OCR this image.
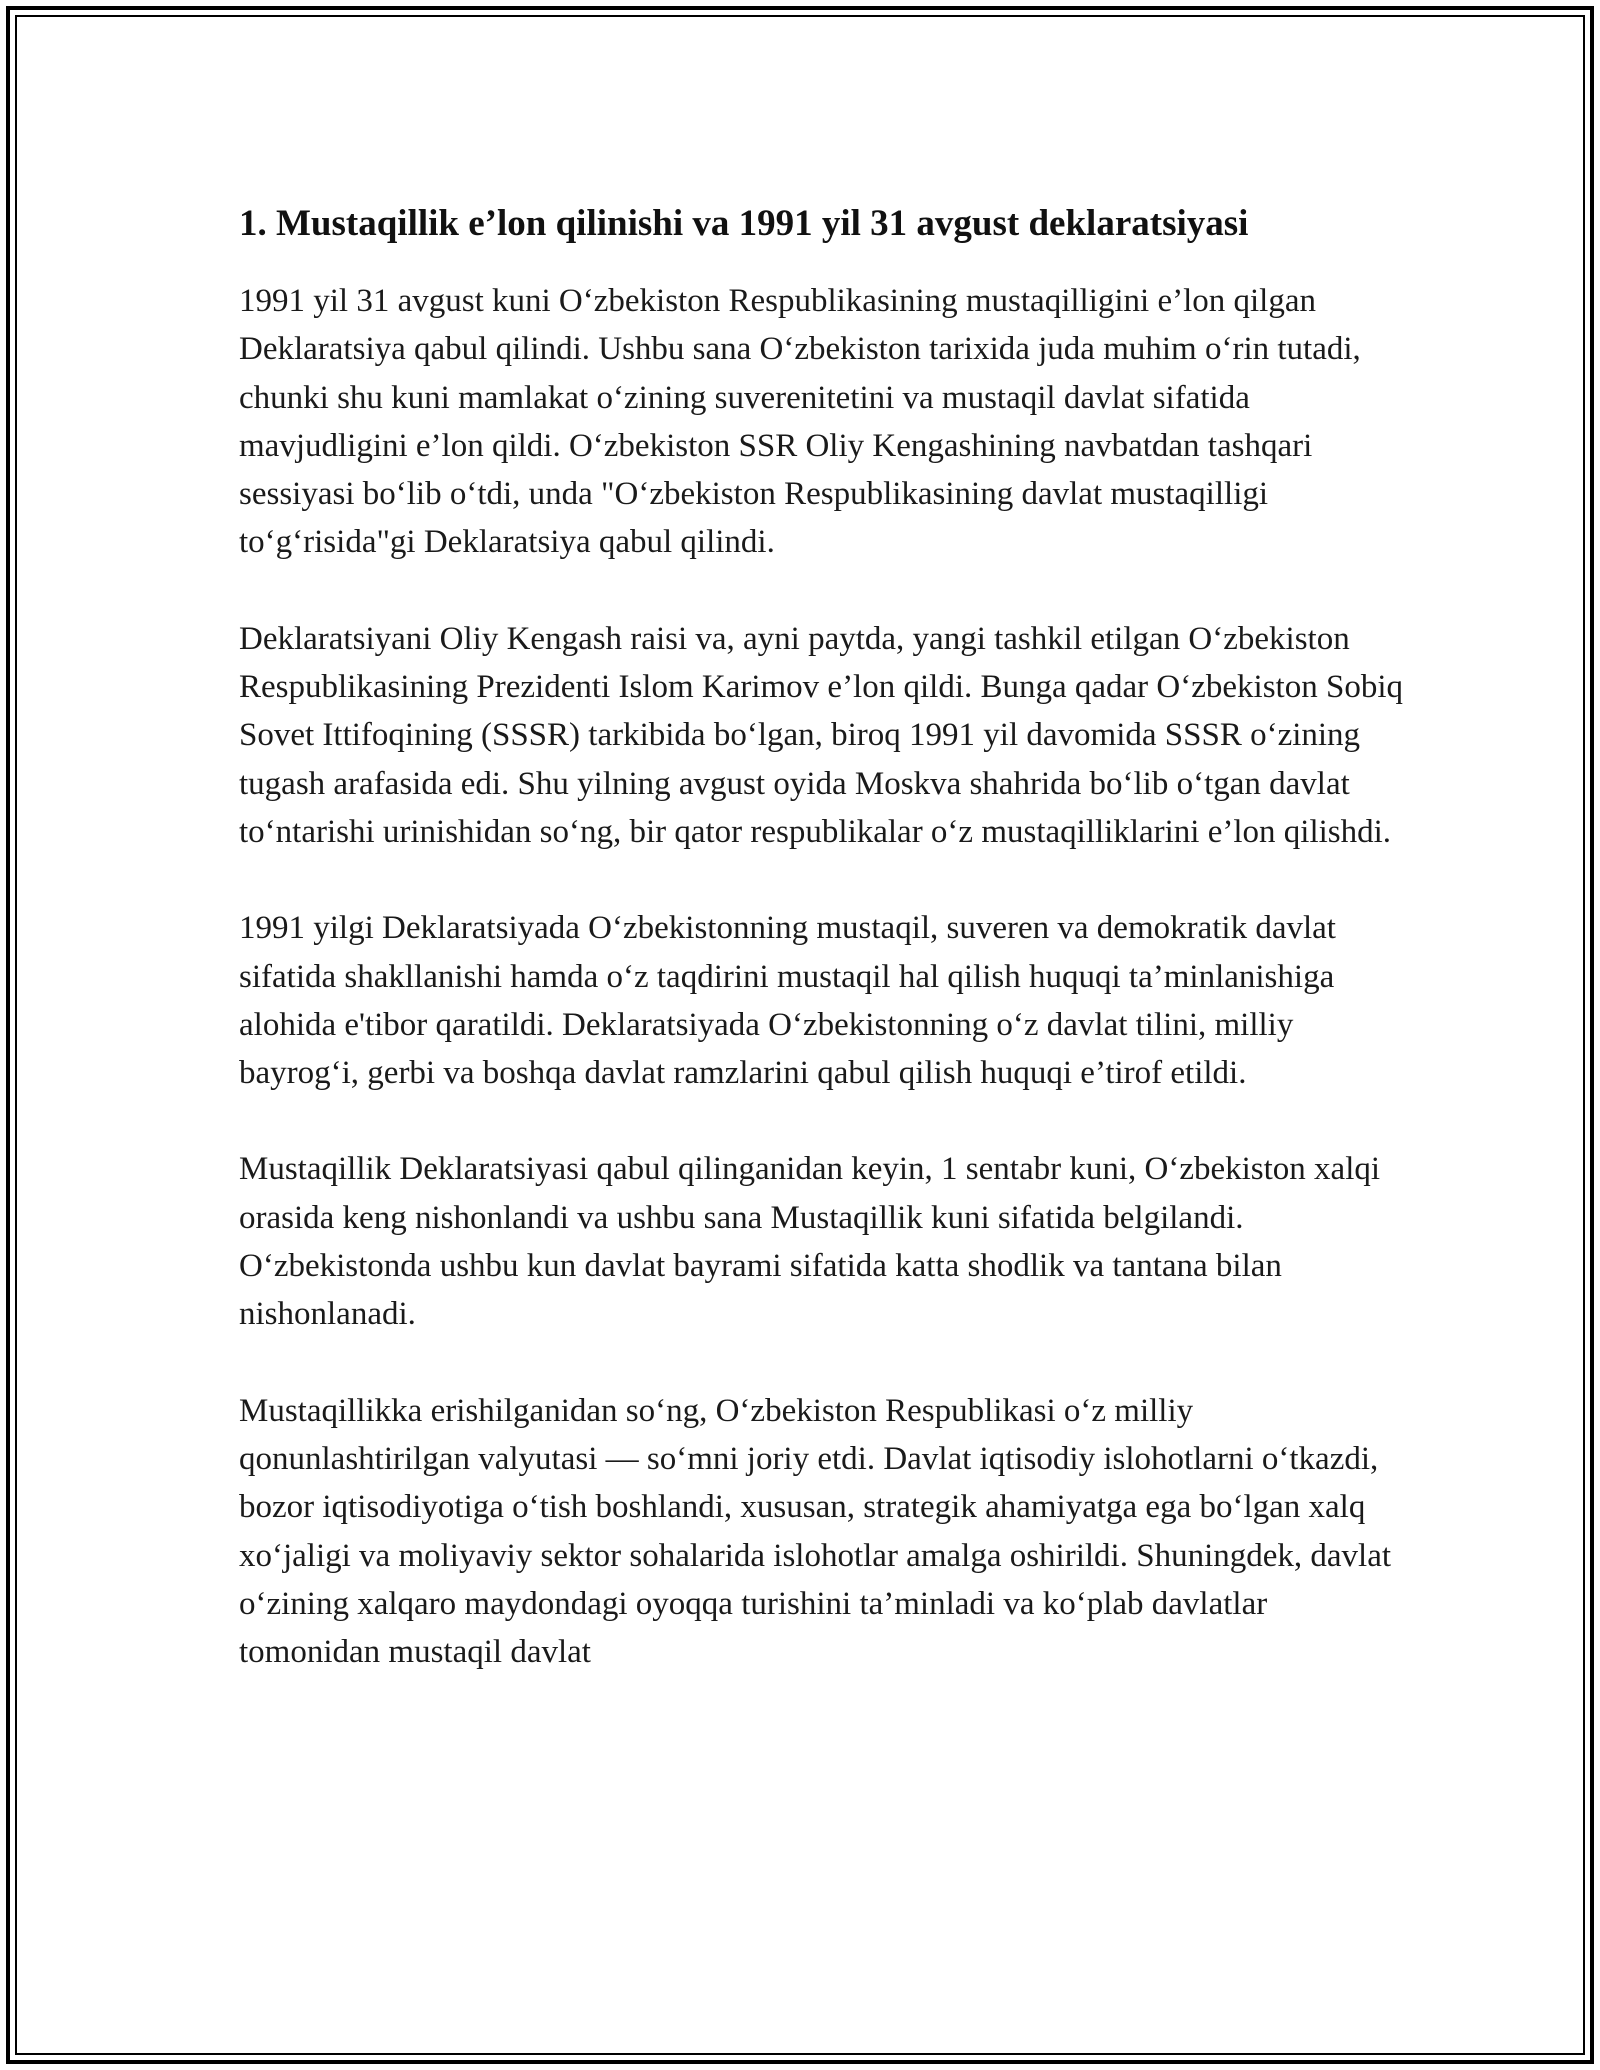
1. Mustaqillik e’lon qilinishi va 1991 yil 31 avgust deklaratsiyasi

1991 yil 31 avgust kuni O‘zbekiston Respublikasining mustaqilligini e’lon qilgan Deklaratsiya qabul qilindi. Ushbu sana O‘zbekiston tarixida juda muhim o‘rin tutadi, chunki shu kuni mamlakat o‘zining suverenitetini va mustaqil davlat sifatida mavjudligini e’lon qildi. O‘zbekiston SSR Oliy Kengashining navbatdan tashqari sessiyasi bo‘lib o‘tdi, unda "O‘zbekiston Respublikasining davlat mustaqilligi to‘g‘risida"gi Deklaratsiya qabul qilindi.

Deklaratsiyani Oliy Kengash raisi va, ayni paytda, yangi tashkil etilgan O‘zbekiston Respublikasining Prezidenti Islom Karimov e’lon qildi. Bunga qadar O‘zbekiston Sobiq Sovet Ittifoqining (SSSR) tarkibida bo‘lgan, biroq 1991 yil davomida SSSR o‘zining tugash arafasida edi. Shu yilning avgust oyida Moskva shahrida bo‘lib o‘tgan davlat to‘ntarishi urinishidan so‘ng, bir qator respublikalar o‘z mustaqilliklarini e’lon qilishdi.

1991 yilgi Deklaratsiyada O‘zbekistonning mustaqil, suveren va demokratik davlat sifatida shakllanishi hamda o‘z taqdirini mustaqil hal qilish huquqi ta’minlanishiga alohida e'tibor qaratildi. Deklaratsiyada O‘zbekistonning o‘z davlat tilini, milliy bayrog‘i, gerbi va boshqa davlat ramzlarini qabul qilish huquqi e’tirof etildi.

Mustaqillik Deklaratsiyasi qabul qilinganidan keyin, 1 sentabr kuni, O‘zbekiston xalqi orasida keng nishonlandi va ushbu sana Mustaqillik kuni sifatida belgilandi. O‘zbekistonda ushbu kun davlat bayrami sifatida katta shodlik va tantana bilan nishonlanadi.

Mustaqillikka erishilganidan so‘ng, O‘zbekiston Respublikasi o‘z milliy qonunlashtirilgan valyutasi — so‘mni joriy etdi. Davlat iqtisodiy islohotlarni o‘tkazdi, bozor iqtisodiyotiga o‘tish boshlandi, xususan, strategik ahamiyatga ega bo‘lgan xalq xo‘jaligi va moliyaviy sektor sohalarida islohotlar amalga oshirildi. Shuningdek, davlat o‘zining xalqaro maydondagi oyoqqa turishini ta’minladi va ko‘plab davlatlar tomonidan mustaqil davlat
